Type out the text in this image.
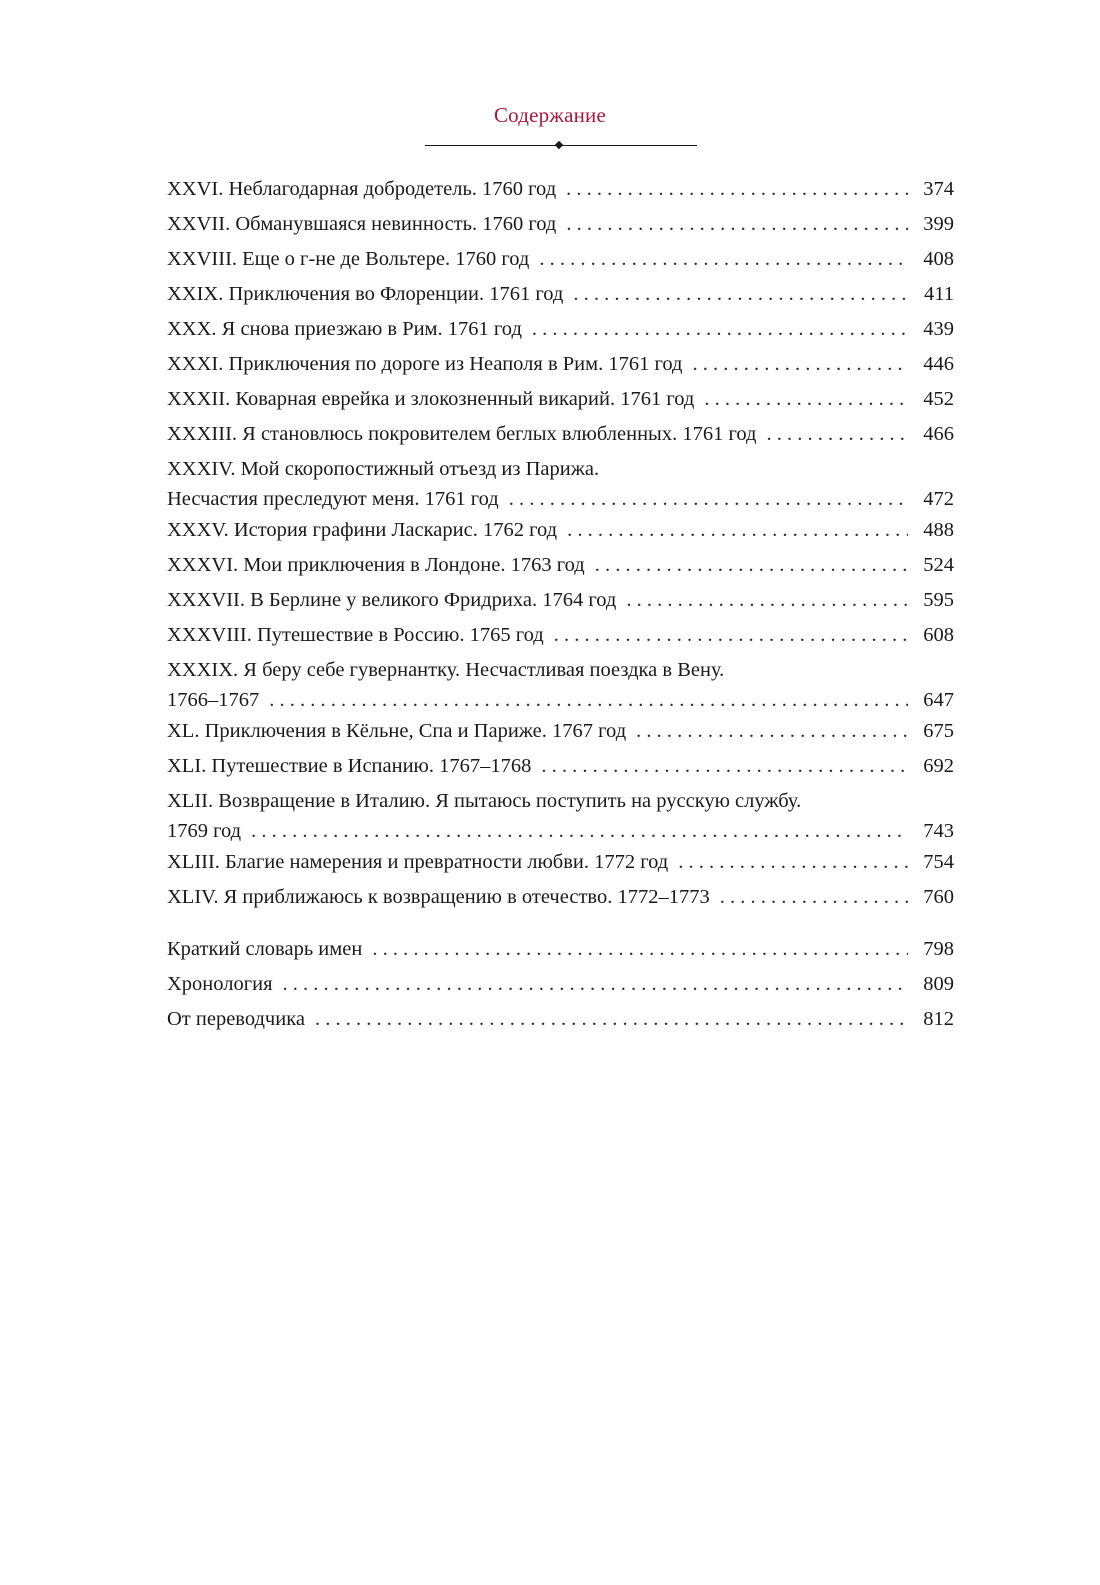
Содержание
XXVI. Неблагодарная добродетель. 1760 год . . .	374
XXVII. Обманувшаяся невинность. 1760 год . . .	399
XXVIII. Еще о г-не де Вольтере. 1760 год . . .	408
XXIX. Приключения во Флоренции. 1761 год . . .	411
XXX. Я снова приезжаю в Рим. 1761 год . . .	439
XXXI. Приключения по дороге из Неаполя в Рим. 1761 год . . .	446
XXXII. Коварная еврейка и злокозненный викарий. 1761 год . . .	452
XXXIII. Я становлюсь покровителем беглых влюбленных. 1761 год . . .	466
XXXIV. Мой скоропостижный отъезд из Парижа.
Несчастия преследуют меня. 1761 год . . .	472
XXXV. История графини Ласкарис. 1762 год . . .	488
XXXVI. Мои приключения в Лондоне. 1763 год . . .	524
XXXVII. В Берлине у великого Фридриха. 1764 год . . .	595
XXXVIII. Путешествие в Россию. 1765 год . . .	608
XXXIX. Я беру себе гувернантку. Несчастливая поездка в Вену.
1766–1767 . . .	647
XL. Приключения в Кёльне, Спа и Париже. 1767 год . . .	675
XLI. Путешествие в Испанию. 1767–1768 . . .	692
XLII. Возвращение в Италию. Я пытаюсь поступить на русскую службу.
1769 год . . .	743
XLIII. Благие намерения и превратности любви. 1772 год . . .	754
XLIV. Я приближаюсь к возвращению в отечество. 1772–1773 . . .	760
Краткий словарь имен . . .	798
Хронология . . .	809
От переводчика . . .	812
